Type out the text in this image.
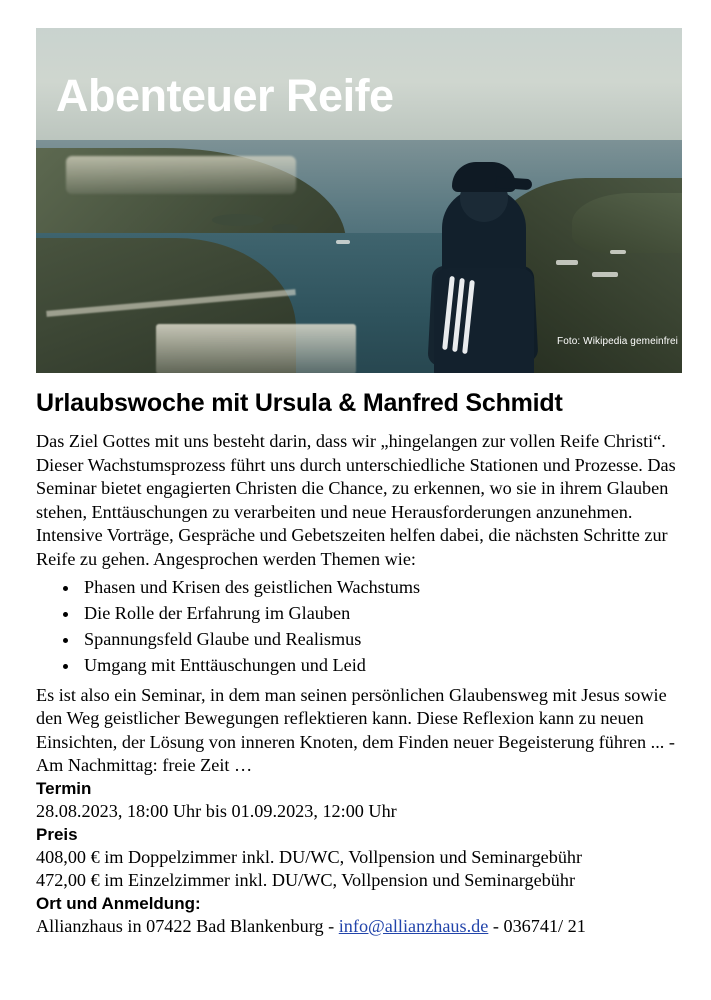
Abenteuer Reife
Foto: Wikipedia gemeinfrei
Urlaubswoche mit Ursula & Manfred Schmidt

Das Ziel Gottes mit uns besteht darin, dass wir „hingelangen zur vollen Reife Christi“. Dieser Wachstumsprozess führt uns durch unterschiedliche Stationen und Prozesse. Das Seminar bietet engagierten Christen die Chance, zu erkennen, wo sie in ihrem Glauben stehen, Enttäuschungen zu verarbeiten und neue Herausforderungen anzunehmen. Intensive Vorträge, Gespräche und Gebetszeiten helfen dabei, die nächsten Schritte zur Reife zu gehen. Angesprochen werden Themen wie:

• Phasen und Krisen des geistlichen Wachstums
• Die Rolle der Erfahrung im Glauben
• Spannungsfeld Glaube und Realismus
• Umgang mit Enttäuschungen und Leid

Es ist also ein Seminar, in dem man seinen persönlichen Glaubensweg mit Jesus sowie den Weg geistlicher Bewegungen reflektieren kann. Diese Reflexion kann zu neuen Einsichten, der Lösung von inneren Knoten, dem Finden neuer Begeisterung führen ... - Am Nachmittag: freie Zeit …

Termin
28.08.2023, 18:00 Uhr bis 01.09.2023, 12:00 Uhr
Preis
408,00 € im Doppelzimmer inkl. DU/WC, Vollpension und Seminargebühr
472,00 € im Einzelzimmer inkl. DU/WC, Vollpension und Seminargebühr
Ort und Anmeldung:
Allianzhaus in 07422 Bad Blankenburg - info@allianzhaus.de - 036741/ 21
